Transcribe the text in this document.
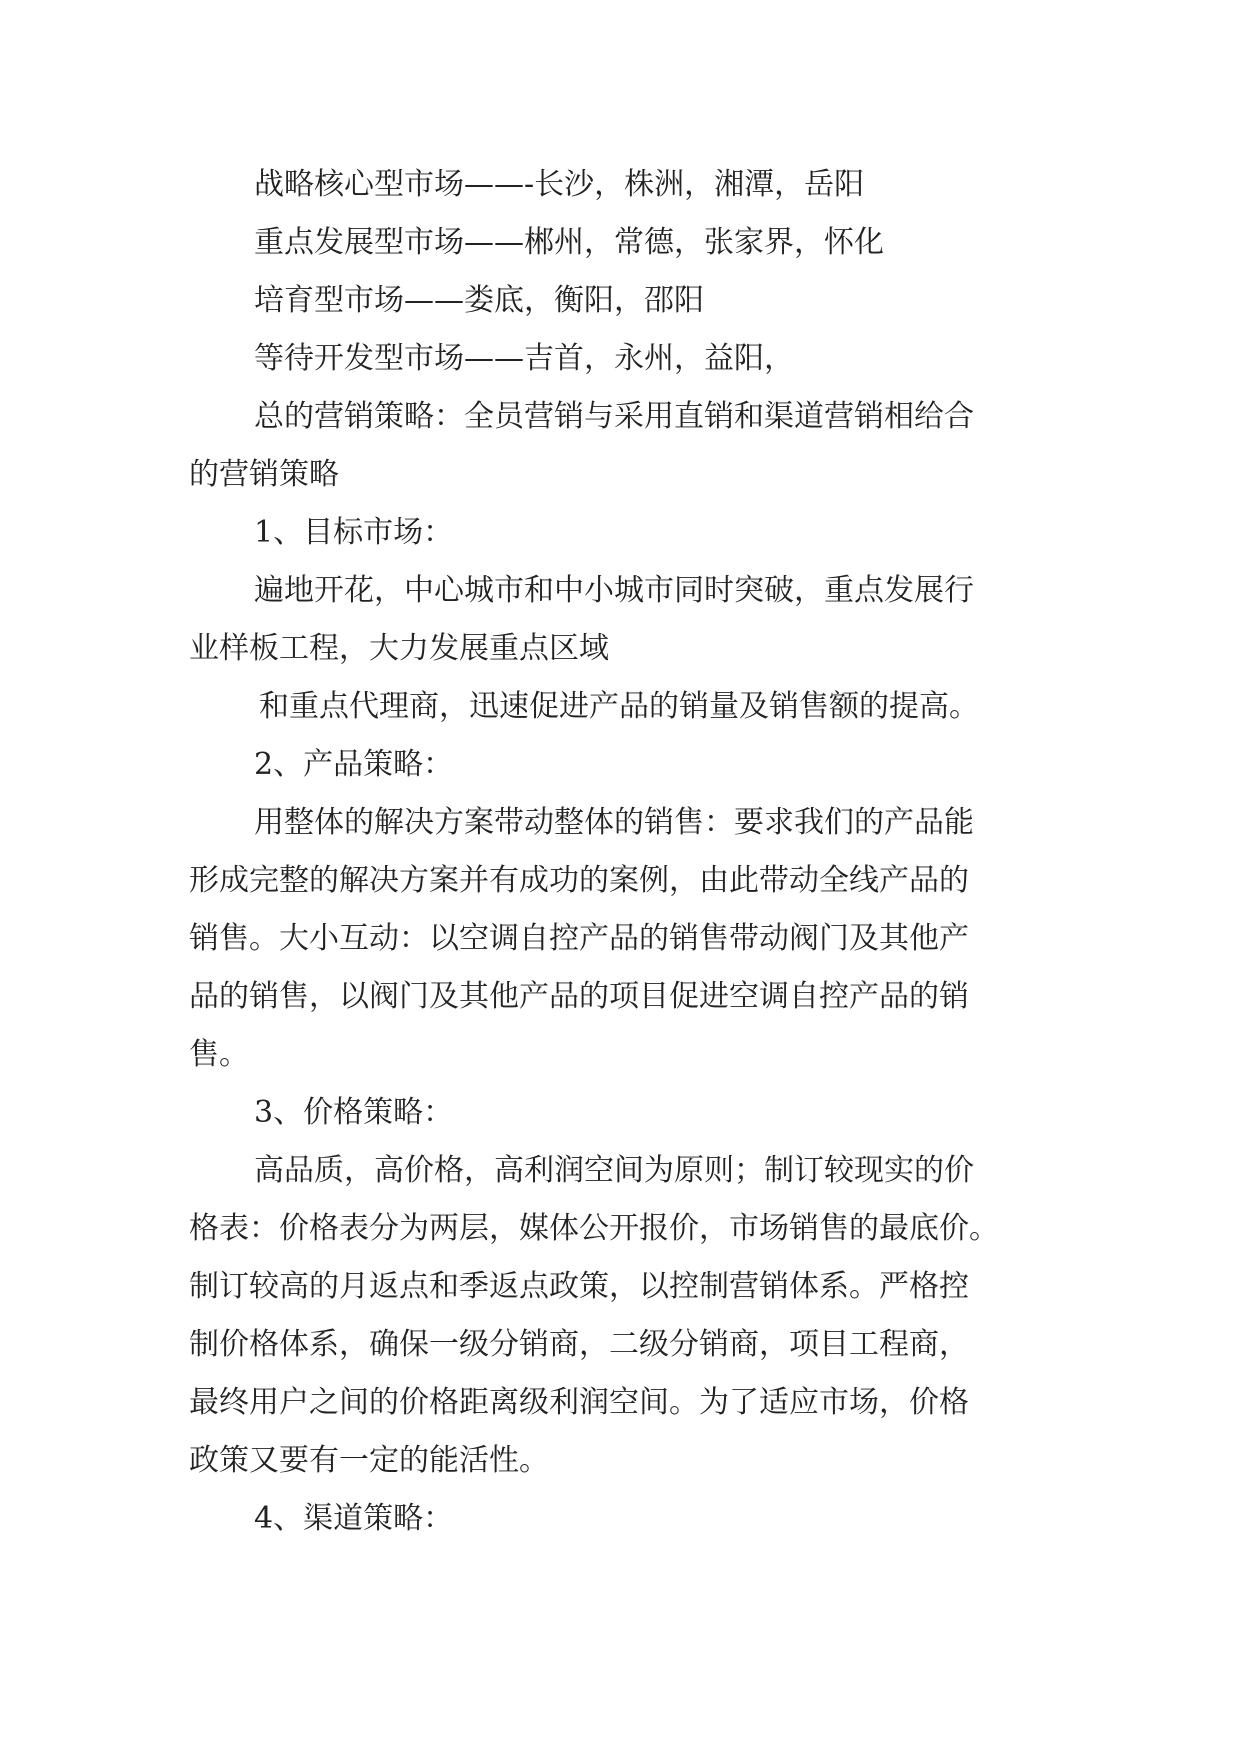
战略核心型市场——-长沙，株洲，湘潭，岳阳

重点发展型市场——郴州，常德，张家界，怀化

培育型市场——娄底，衡阳，邵阳

等待开发型市场——吉首，永州，益阳，

总的营销策略：全员营销与采用直销和渠道营销相给合

的营销策略

1、目标市场：

遍地开花，中心城市和中小城市同时突破，重点发展行

业样板工程，大力发展重点区域

和重点代理商，迅速促进产品的销量及销售额的提高。

2、产品策略：

用整体的解决方案带动整体的销售：要求我们的产品能

形成完整的解决方案并有成功的案例，由此带动全线产品的

销售。大小互动：以空调自控产品的销售带动阀门及其他产

品的销售，以阀门及其他产品的项目促进空调自控产品的销

售。

3、价格策略：

高品质，高价格，高利润空间为原则；制订较现实的价

格表：价格表分为两层，媒体公开报价，市场销售的最底价。

制订较高的月返点和季返点政策，以控制营销体系。严格控

制价格体系，确保一级分销商，二级分销商，项目工程商，

最终用户之间的价格距离级利润空间。为了适应市场，价格

政策又要有一定的能活性。

4、渠道策略：
